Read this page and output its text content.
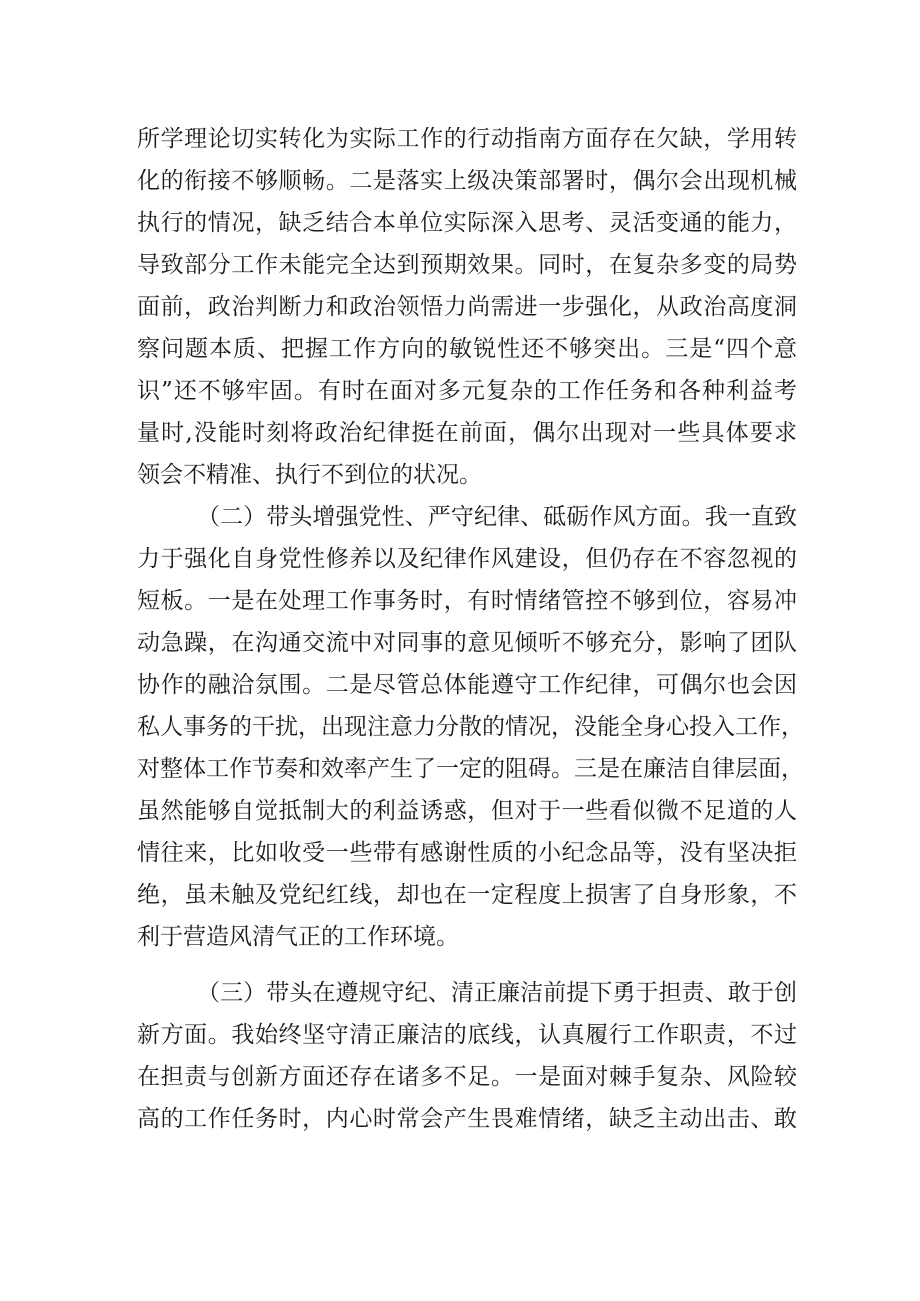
所学理论切实转化为实际工作的行动指南方面存在欠缺，学用转
化的衔接不够顺畅。二是落实上级决策部署时，偶尔会出现机械
执行的情况，缺乏结合本单位实际深入思考、灵活变通的能力，
导致部分工作未能完全达到预期效果。同时，在复杂多变的局势
面前，政治判断力和政治领悟力尚需进一步强化，从政治高度洞
察问题本质、把握工作方向的敏锐性还不够突出。三是“四个意
识”还不够牢固。有时在面对多元复杂的工作任务和各种利益考
量时,没能时刻将政治纪律挺在前面，偶尔出现对一些具体要求
领会不精准、执行不到位的状况。
（二）带头增强党性、严守纪律、砥砺作风方面。我一直致
力于强化自身党性修养以及纪律作风建设，但仍存在不容忽视的
短板。一是在处理工作事务时，有时情绪管控不够到位，容易冲
动急躁，在沟通交流中对同事的意见倾听不够充分，影响了团队
协作的融洽氛围。二是尽管总体能遵守工作纪律，可偶尔也会因
私人事务的干扰，出现注意力分散的情况，没能全身心投入工作，
对整体工作节奏和效率产生了一定的阻碍。三是在廉洁自律层面，
虽然能够自觉抵制大的利益诱惑，但对于一些看似微不足道的人
情往来，比如收受一些带有感谢性质的小纪念品等，没有坚决拒
绝，虽未触及党纪红线，却也在一定程度上损害了自身形象，不
利于营造风清气正的工作环境。
（三）带头在遵规守纪、清正廉洁前提下勇于担责、敢于创
新方面。我始终坚守清正廉洁的底线，认真履行工作职责，不过
在担责与创新方面还存在诸多不足。一是面对棘手复杂、风险较
高的工作任务时，内心时常会产生畏难情绪，缺乏主动出击、敢
